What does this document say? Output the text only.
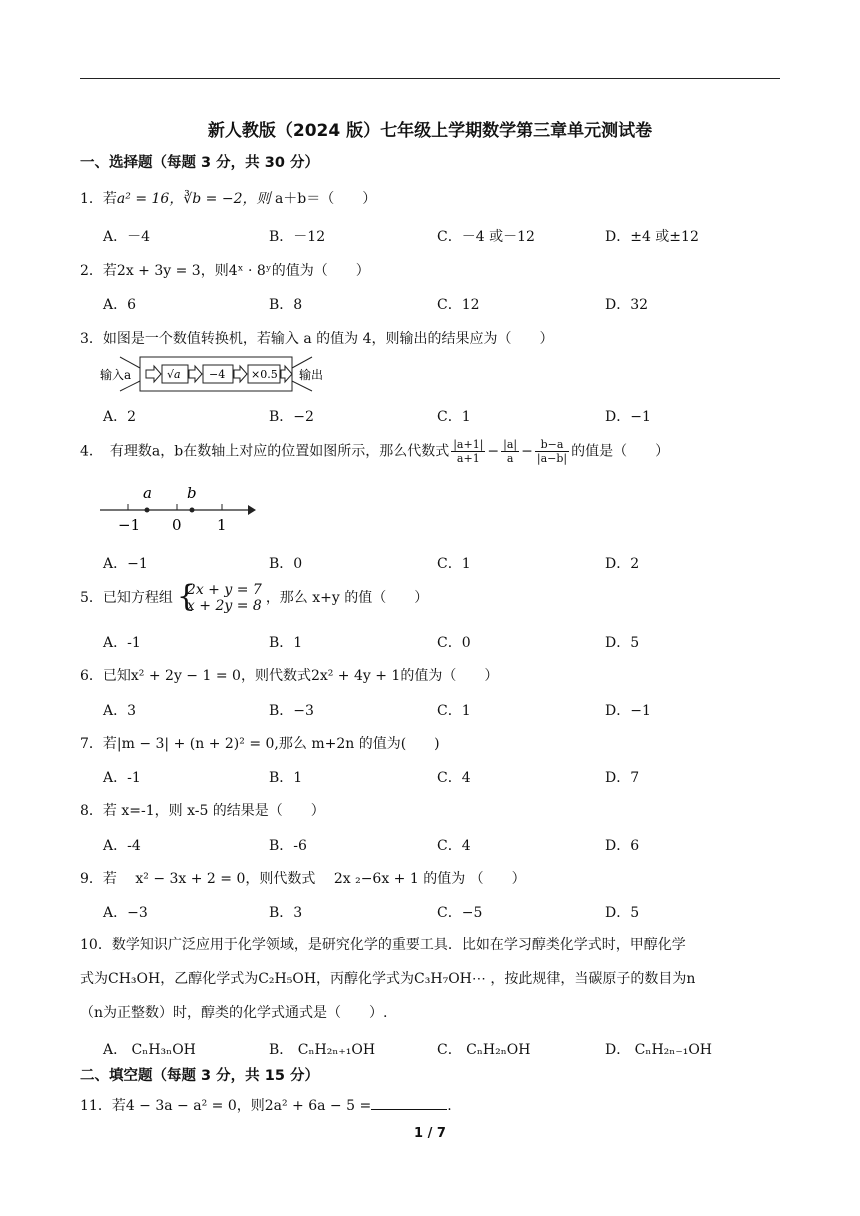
新人教版（2024 版）七年级上学期数学第三章单元测试卷
一、选择题（每题 3 分，共 30 分）
1．若a² = 16，∛b = −2，则 a＋b＝（　　）
A．－4	B．－12	C．－4 或－12	D．±4 或±12
2．若2x + 3y = 3，则4ˣ · 8ʸ的值为（　　）
A．6	B．8	C．12	D．32
3．如图是一个数值转换机，若输入 a 的值为 4，则输出的结果应为（　　）
输入a	√a	−4 ×0.5 输出
A．2	B．−2	C．1	D．−1
4．　有理数a，b在数轴上对应的位置如图所示，那么代数式 $\frac{|a+1|}{a+1} - \frac{|a|}{a} - \frac{b-a}{|a-b|}$ 的值是（　　）
a b
−1 0 1
A．−1	B．0	C．1	D．2
5．已知方程组 {
2x + y = 7
x + 2y = 8 ，那么 x+y 的值（　　）
A．-1	B．1	C．0	D．5
6．已知x² + 2y − 1 = 0，则代数式2x² + 4y + 1的值为（　　）
A．3	B．−3	C．1	D．−1
7．若|m − 3| + (n + 2)² = 0,那么 m+2n 的值为(　　)
A．-1	B．1	C．4	D．7
8．若 x=-1，则 x-5 的结果是（　　）
A．-4	B．-6	C．4	D．6
9．若　 x² − 3x + 2 = 0，则代数式　 2x ₂−6x + 1 的值为 （　　）
A．−3	B．3	C．−5	D．5
10．数学知识广泛应用于化学领域，是研究化学的重要工具．比如在学习醇类化学式时，甲醇化学
式为CH₃OH，乙醇化学式为C₂H₅OH，丙醇化学式为C₃H₇OH⋯ ，按此规律，当碳原子的数目为n
（n为正整数）时，醇类的化学式通式是（　　）.
A． CₙH₃ₙOH	B． CₙH₂ₙ₊₁OH	C． CₙH₂ₙOH	D． CₙH₂ₙ₋₁OH
二、填空题（每题 3 分，共 15 分）
11．若4 − 3a − a² = 0，则2a² + 6a − 5 =	.
1 / 7
